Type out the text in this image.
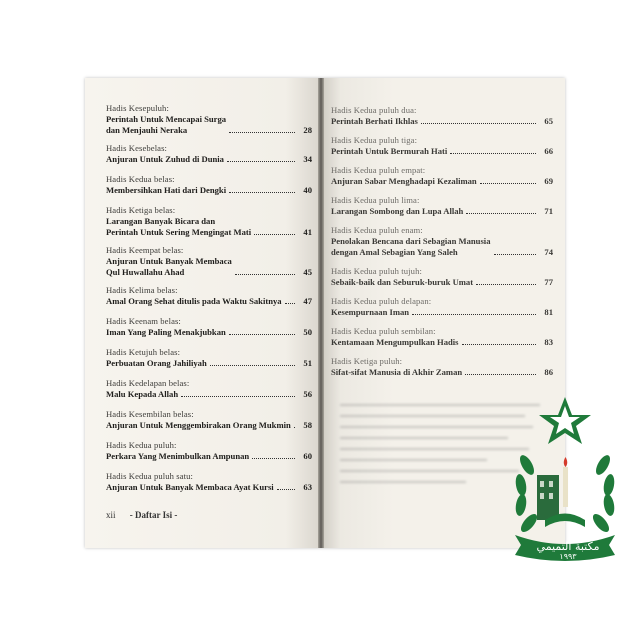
Hadis Kesepuluh:
Perintah Untuk Mencapai Surga
dan Menjauhi Neraka	28
Hadis Kesebelas:
Anjuran Untuk Zuhud di Dunia	34
Hadis Kedua belas:
Membersihkan Hati dari Dengki	40
Hadis Ketiga belas:
Larangan Banyak Bicara dan
Perintah Untuk Sering Mengingat Mati	41
Hadis Keempat belas:
Anjuran Untuk Banyak Membaca
Qul Huwallahu Ahad	45
Hadis Kelima belas:
Amal Orang Sehat ditulis pada Waktu Sakitnya	47
Hadis Keenam belas:
Iman Yang Paling Menakjubkan	50
Hadis Ketujuh belas:
Perbuatan Orang Jahiliyah	51
Hadis Kedelapan belas:
Malu Kepada Allah	56
Hadis Kesembilan belas:
Anjuran Untuk Menggembirakan Orang Mukmin	58
Hadis Kedua puluh:
Perkara Yang Menimbulkan Ampunan	60
Hadis Kedua puluh satu:
Anjuran Untuk Banyak Membaca Ayat Kursi	63
xii - Daftar Isi -
Hadis Kedua puluh dua:
Perintah Berhati Ikhlas	65
Hadis Kedua puluh tiga:
Perintah Untuk Bermurah Hati	66
Hadis Kedua puluh empat:
Anjuran Sabar Menghadapi Kezaliman	69
Hadis Kedua puluh lima:
Larangan Sombong dan Lupa Allah	71
Hadis Kedua puluh enam:
Penolakan Bencana dari Sebagian Manusia
dengan Amal Sebagian Yang Saleh	74
Hadis Kedua puluh tujuh:
Sebaik-baik dan Seburuk-buruk Umat	77
Hadis Kedua puluh delapan:
Kesempurnaan Iman	81
Hadis Kedua puluh sembilan:
Kentamaan Mengumpulkan Hadis	83
Hadis Ketiga puluh:
Sifat-sifat Manusia di Akhir Zaman	86
مكتبة التميمي
١٩٩٣
